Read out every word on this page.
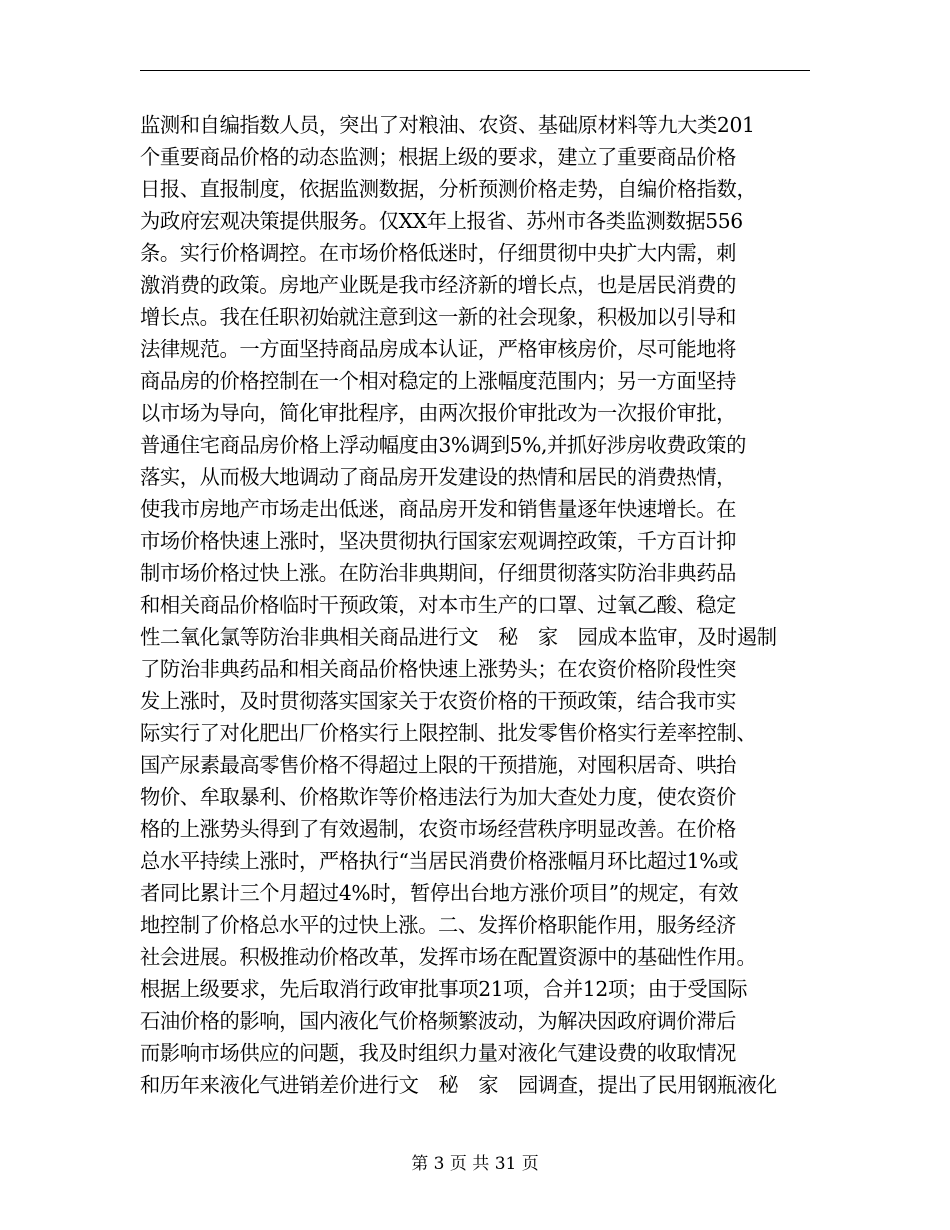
监测和自编指数人员，突出了对粮油、农资、基础原材料等九大类201
个重要商品价格的动态监测；根据上级的要求，建立了重要商品价格
日报、直报制度，依据监测数据，分析预测价格走势，自编价格指数，
为政府宏观决策提供服务。仅XX年上报省、苏州市各类监测数据556
条。实行价格调控。在市场价格低迷时，仔细贯彻中央扩大内需，刺
激消费的政策。房地产业既是我市经济新的增长点，也是居民消费的
增长点。我在任职初始就注意到这一新的社会现象，积极加以引导和
法律规范。一方面坚持商品房成本认证，严格审核房价，尽可能地将
商品房的价格控制在一个相对稳定的上涨幅度范围内；另一方面坚持
以市场为导向，简化审批程序，由两次报价审批改为一次报价审批，
普通住宅商品房价格上浮动幅度由3%调到5%,并抓好涉房收费政策的
落实，从而极大地调动了商品房开发建设的热情和居民的消费热情，
使我市房地产市场走出低迷，商品房开发和销售量逐年快速增长。在
市场价格快速上涨时，坚决贯彻执行国家宏观调控政策，千方百计抑
制市场价格过快上涨。在防治非典期间，仔细贯彻落实防治非典药品
和相关商品价格临时干预政策，对本市生产的口罩、过氧乙酸、稳定
性二氧化氯等防治非典相关商品进行文　秘　家　园成本监审，及时遏制
了防治非典药品和相关商品价格快速上涨势头；在农资价格阶段性突
发上涨时，及时贯彻落实国家关于农资价格的干预政策，结合我市实
际实行了对化肥出厂价格实行上限控制、批发零售价格实行差率控制、
国产尿素最高零售价格不得超过上限的干预措施，对囤积居奇、哄抬
物价、牟取暴利、价格欺诈等价格违法行为加大查处力度，使农资价
格的上涨势头得到了有效遏制，农资市场经营秩序明显改善。在价格
总水平持续上涨时，严格执行“当居民消费价格涨幅月环比超过1%或
者同比累计三个月超过4%时，暂停出台地方涨价项目”的规定，有效
地控制了价格总水平的过快上涨。二、发挥价格职能作用，服务经济
社会进展。积极推动价格改革，发挥市场在配置资源中的基础性作用。
根据上级要求，先后取消行政审批事项21项，合并12项；由于受国际
石油价格的影响，国内液化气价格频繁波动，为解决因政府调价滞后
而影响市场供应的问题，我及时组织力量对液化气建设费的收取情况
和历年来液化气进销差价进行文　秘　家　园调查，提出了民用钢瓶液化
第 3 页 共 31 页
